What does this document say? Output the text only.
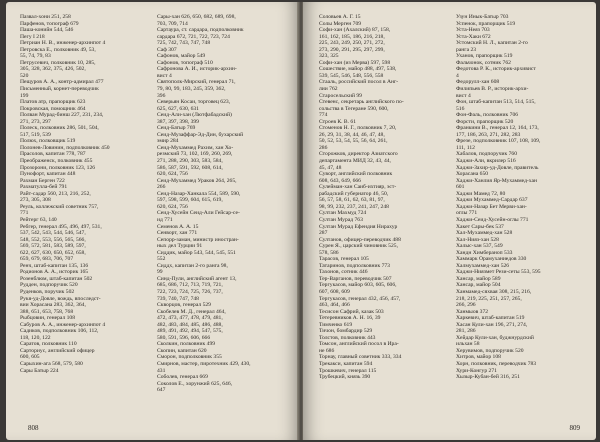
Пазвал-хони 251, 258
Парфенов, топограф 679
Паша-конийн 544, 546
Пегу I 218
Петриан Н. В., инженер-архинпот 4
Петровска Е., полковник 49, 53,
55, 74, 79, 83
Петрусевич, полковник 10, 285,
305, 328, 362, 375, 426, 502,
520
Пещуров А. А., контр-адмирал 477
Письменный, корнет-переводчик
199
Платов атр, прапорщик 623
Покровская, помощник 464
Полван Мурад-бинш 227, 231, 234,
271, 273, 297
Полеск, полковник 286, 501, 504,
517, 519, 539
Полюх, полковщик 519
Полонев-Ловинин, подполковник 450
Прасолов, капитан 778, 787
Преображенск, полковник 455
Прозорони, полковник 123, 126
Пунофорт, капитан 448
Рахман Берген 722
Рахматулла-бей 791
Райт-садар 560, 213, 216, 252,
273, 305, 308
Реуль, коллежский советник 757,
771
Рейтерг 63, 140
Ребгер, генерал 495, 496, 497, 531,
537, 542, 543, 544, 546, 547,
548, 552, 553, 556, 565, 566,
569, 572, 581, 583, 589, 597,
622, 627, 630, 650, 652, 658,
659, 679, 683, 706, 707
Ренч, штаб-капитан 135, 136
Родионов А. А., историк 165
Розенблюм, штаб-капитан 502
Рудден, подпоручик 520
Руденков, поручик 502
Рукя-уд-Довле, вождь, впоследст-
вии Хорасана 283, 362, 364,
388, 651, 653, 758, 768
Рыбцовин, генерал 108
Сабуров А. А., инженер-архинпот 4
Садиков, подполковник 106, 112,
118, 120, 122
Саратов, полковник 110
Сарториус, английский офицер
600, 605
Сарыхин-ага 568, 579, 580
Сары Батыр 224
Сары-хан 626, 650, 682, 689, 698,
703, 709, 714
Сартаура, ст. сардара, подполковник
сардара 672, 721, 722, 723, 724
725, 742, 743, 747, 748
Саф 307
Сафонов, майор 549
Сафонов, топограф 510
Сафронова А. И., историк-архин-
вист 4
Святополк-Мирский, генерал 71,
79, 80, 99, 183, 245, 359, 362,
396
Северьян Косаи, торговец 623,
625, 627, 630, 631
Сеид-Али-хан (Лютфабадский)
387, 397, 398, 399
Сеид-Батыр 769
Сеид-Музаффар-Эд-Дин, бухарский
эмир 284
Сеид-Мухаммед Рахим, хан Хо-
резмский 73, 102, 169, 260, 269,
271, 288, 290, 303, 583, 584,
586, 587, 591, 592, 608, 614,
620, 624, 756
Сеид-Мухаммед Ураков 264, 265,
266
Сеид-Назар-Ханкала 554, 589, 590,
597, 598, 599, 604, 615, 619,
620, 624, 756
Сеид-Хусейн Сеид-Али Гейсар-се-
ид 771
Семенов А. А. 15
Сенворт, хан 771
Сепорр-заман, министр иностран-
ных дел Турции 91
Сиддик, майор 543, 544, 545, 551
552
Сиддх, капитан 2-го ранга 98,
99
Синд-Пули, английский агент 13,
685, 686, 712, 713, 719, 721,
722, 723, 724, 725, 726, 737,
739, 740, 747, 748
Скворцов, генерал 529
Скобелев М. Д., генерал 464,
472, 473, 477, 478, 479, 481,
482, 483, 484, 485, 486, 488,
489, 491, 492, 494, 547, 575,
580, 591, 596, 606, 666
Сколкин, полковник 499
Скопин, капитан 620
Сморон, подполковник 355
Смирнов, мастер, пиротехник 429, 430,
431
Соболев, генерал 669
Соколов Е., хорунжий 625, 646,
647
808
Соловьев А. Г. 15
Солы Мерген 709
Софи-хан (Ахалский) 87, 158,
161, 162, 185, 186, 216, 218,
225, 243, 249, 250, 271, 272,
273, 290, 291, 295, 297, 299,
323, 325
Софи-хан (из Мерва) 597, 598
Сошествие, майор 488, 497, 538,
539, 545, 546, 548, 556, 558
Стааль, российский посол в Анг-
лии 762
Старосельский 99
Стевенс, секретарь английского по-
сольства в Тегеране 590, 600,
774
Строев К. В. 61
Стоменов Н. Г., полковник 7, 20,
26, 29, 31, 38, 44, 46, 47, 48,
50, 52, 53, 54, 55, 56, 64, 261,
286
Сторожков, директор Азиатского
департамента МИД 32, 43, 44,
45, 47, 48
Суворт, английский полковник
608, 643, 649, 666
Сулейман-хан Саиб-ихтияр, эст-
рабадский губернатор 46, 50,
56, 57, 58, 61, 62, 63, 81, 97,
98, 99, 232, 237, 241, 247, 248
Султан Махмуд 724
Султан Мурад 763
Султан Мурад Ефендия Нирахур
287
Султанов, офицер-переводчик 488
Сурен Я., царский чиновник 525,
578, 586
Тарасов, генерал 105
Татаринов, подполковник 773
Тахонов, сотник 446
Тер-Варганов, переводчик 507
Тергукасов, майор 603, 605, 606,
607, 608, 609
Тергукасов, генерал 432, 456, 457,
463, 464, 466
Тесисон Сафрий, казак 503
Тетеревников А. Н. 16, 39
Тимченко 619
Тичон, бомбардир 529
Толстов, полковник 443
Томсон, английский посол в Ира-
не 686
Торнау, главный советник 333, 334
Трекакси, капитан 594
Трошкевич, генерал 115
Трубецкий, князь 390
Узун Инык-Батыр 703
Успенок, прапорщик 519
Уста-Неяз 703
Уста-Хаки 672
Устомский Н. Л., капитан 2-го
ранга 23
Уханов, прапорщик 519
Фальчонок, сотник 762
Федотова Р. К., историк-архивист
4
Федорулл-хан 608
Филипьев В. Р., историк-архи-
вист 4
Фон, штаб-капитан 513, 514, 515,
516
Фон-Фаль, полковник 706
Форсти, прапорщик 520
Франкини В., генерал 12, 164, 173,
177, 186, 263, 271, 282, 283
Фрезе, подполковник 107, 108, 109,
111, 112
Хабалов, подпоручик 760
Хаджи-Али, вкрилер 516
Хаджи-Захир-уд-Довле, правитель
Хорасана 650
Хаджи-Ханлия Яр-Мухаммед-хан
601
Хаджи Мамед 72, 80
Хаджи Мухаммед-Сардар 637
Хаджи-Назар Бет Мерви-хан-
оглы 771
Хаджи-Сеид-Хусейн-оглы 771
Хакет Сары-бек 537
Хал-Мухаммед-хан 528
Хал-Нияз-хан 528
Халыс-хан 537, 549
Хандн Химбераноп 533
Хаммарк Орамуханиедов 330
Халмухаммед-хан 526
Хаджи-Ниязмет Рези-сеты 553, 595
Хансар, майор 589
Хансар, майор 504
Ханмамед-сяхвая 308, 215, 216,
218, 219, 225, 251, 257, 265,
266, 296
Ханмыов 372
Харкевич, штаб-капитан 519
Хасан Кули-хан 196, 271, 274,
281, 286
Хейдар Кули-хан, буджнурдский
ильхан 58
Херувимов, подпоручик 520
Хитров, майор 108
Хорн, полковник, переводчик 783
Хури-Конгур 271
Хызыр-Кубан-бей 316, 251
809
